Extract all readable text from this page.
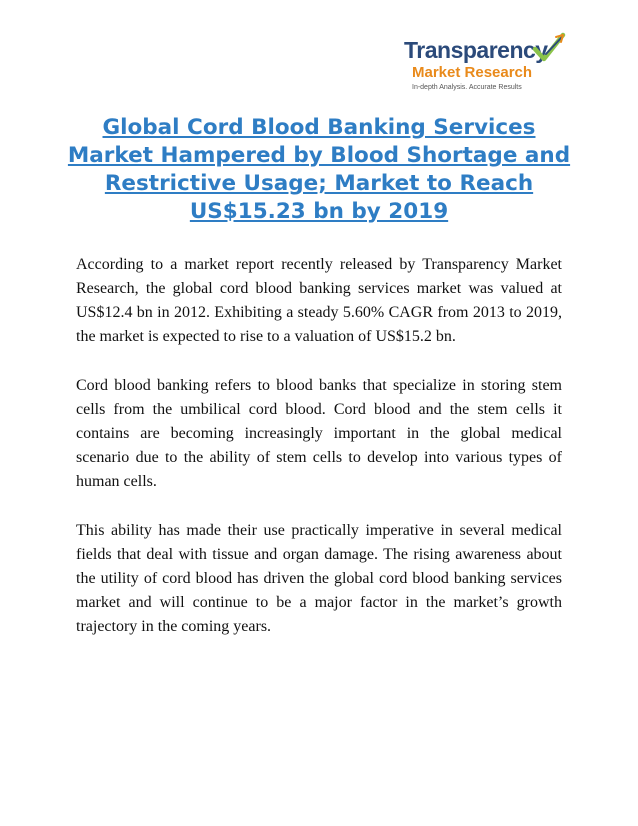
Transparency
Market Research
In-depth Analysis. Accurate Results
Global Cord Blood Banking Services Market Hampered by Blood Shortage and Restrictive Usage; Market to Reach US$15.23 bn by 2019

According to a market report recently released by Transparency Market Research, the global cord blood banking services market was valued at US$12.4 bn in 2012. Exhibiting a steady 5.60% CAGR from 2013 to 2019, the market is expected to rise to a valuation of US$15.2 bn.

Cord blood banking refers to blood banks that specialize in storing stem cells from the umbilical cord blood. Cord blood and the stem cells it contains are becoming increasingly important in the global medical scenario due to the ability of stem cells to develop into various types of human cells.

This ability has made their use practically imperative in several medical fields that deal with tissue and organ damage. The rising awareness about the utility of cord blood has driven the global cord blood banking services market and will continue to be a major factor in the market’s growth trajectory in the coming years.
